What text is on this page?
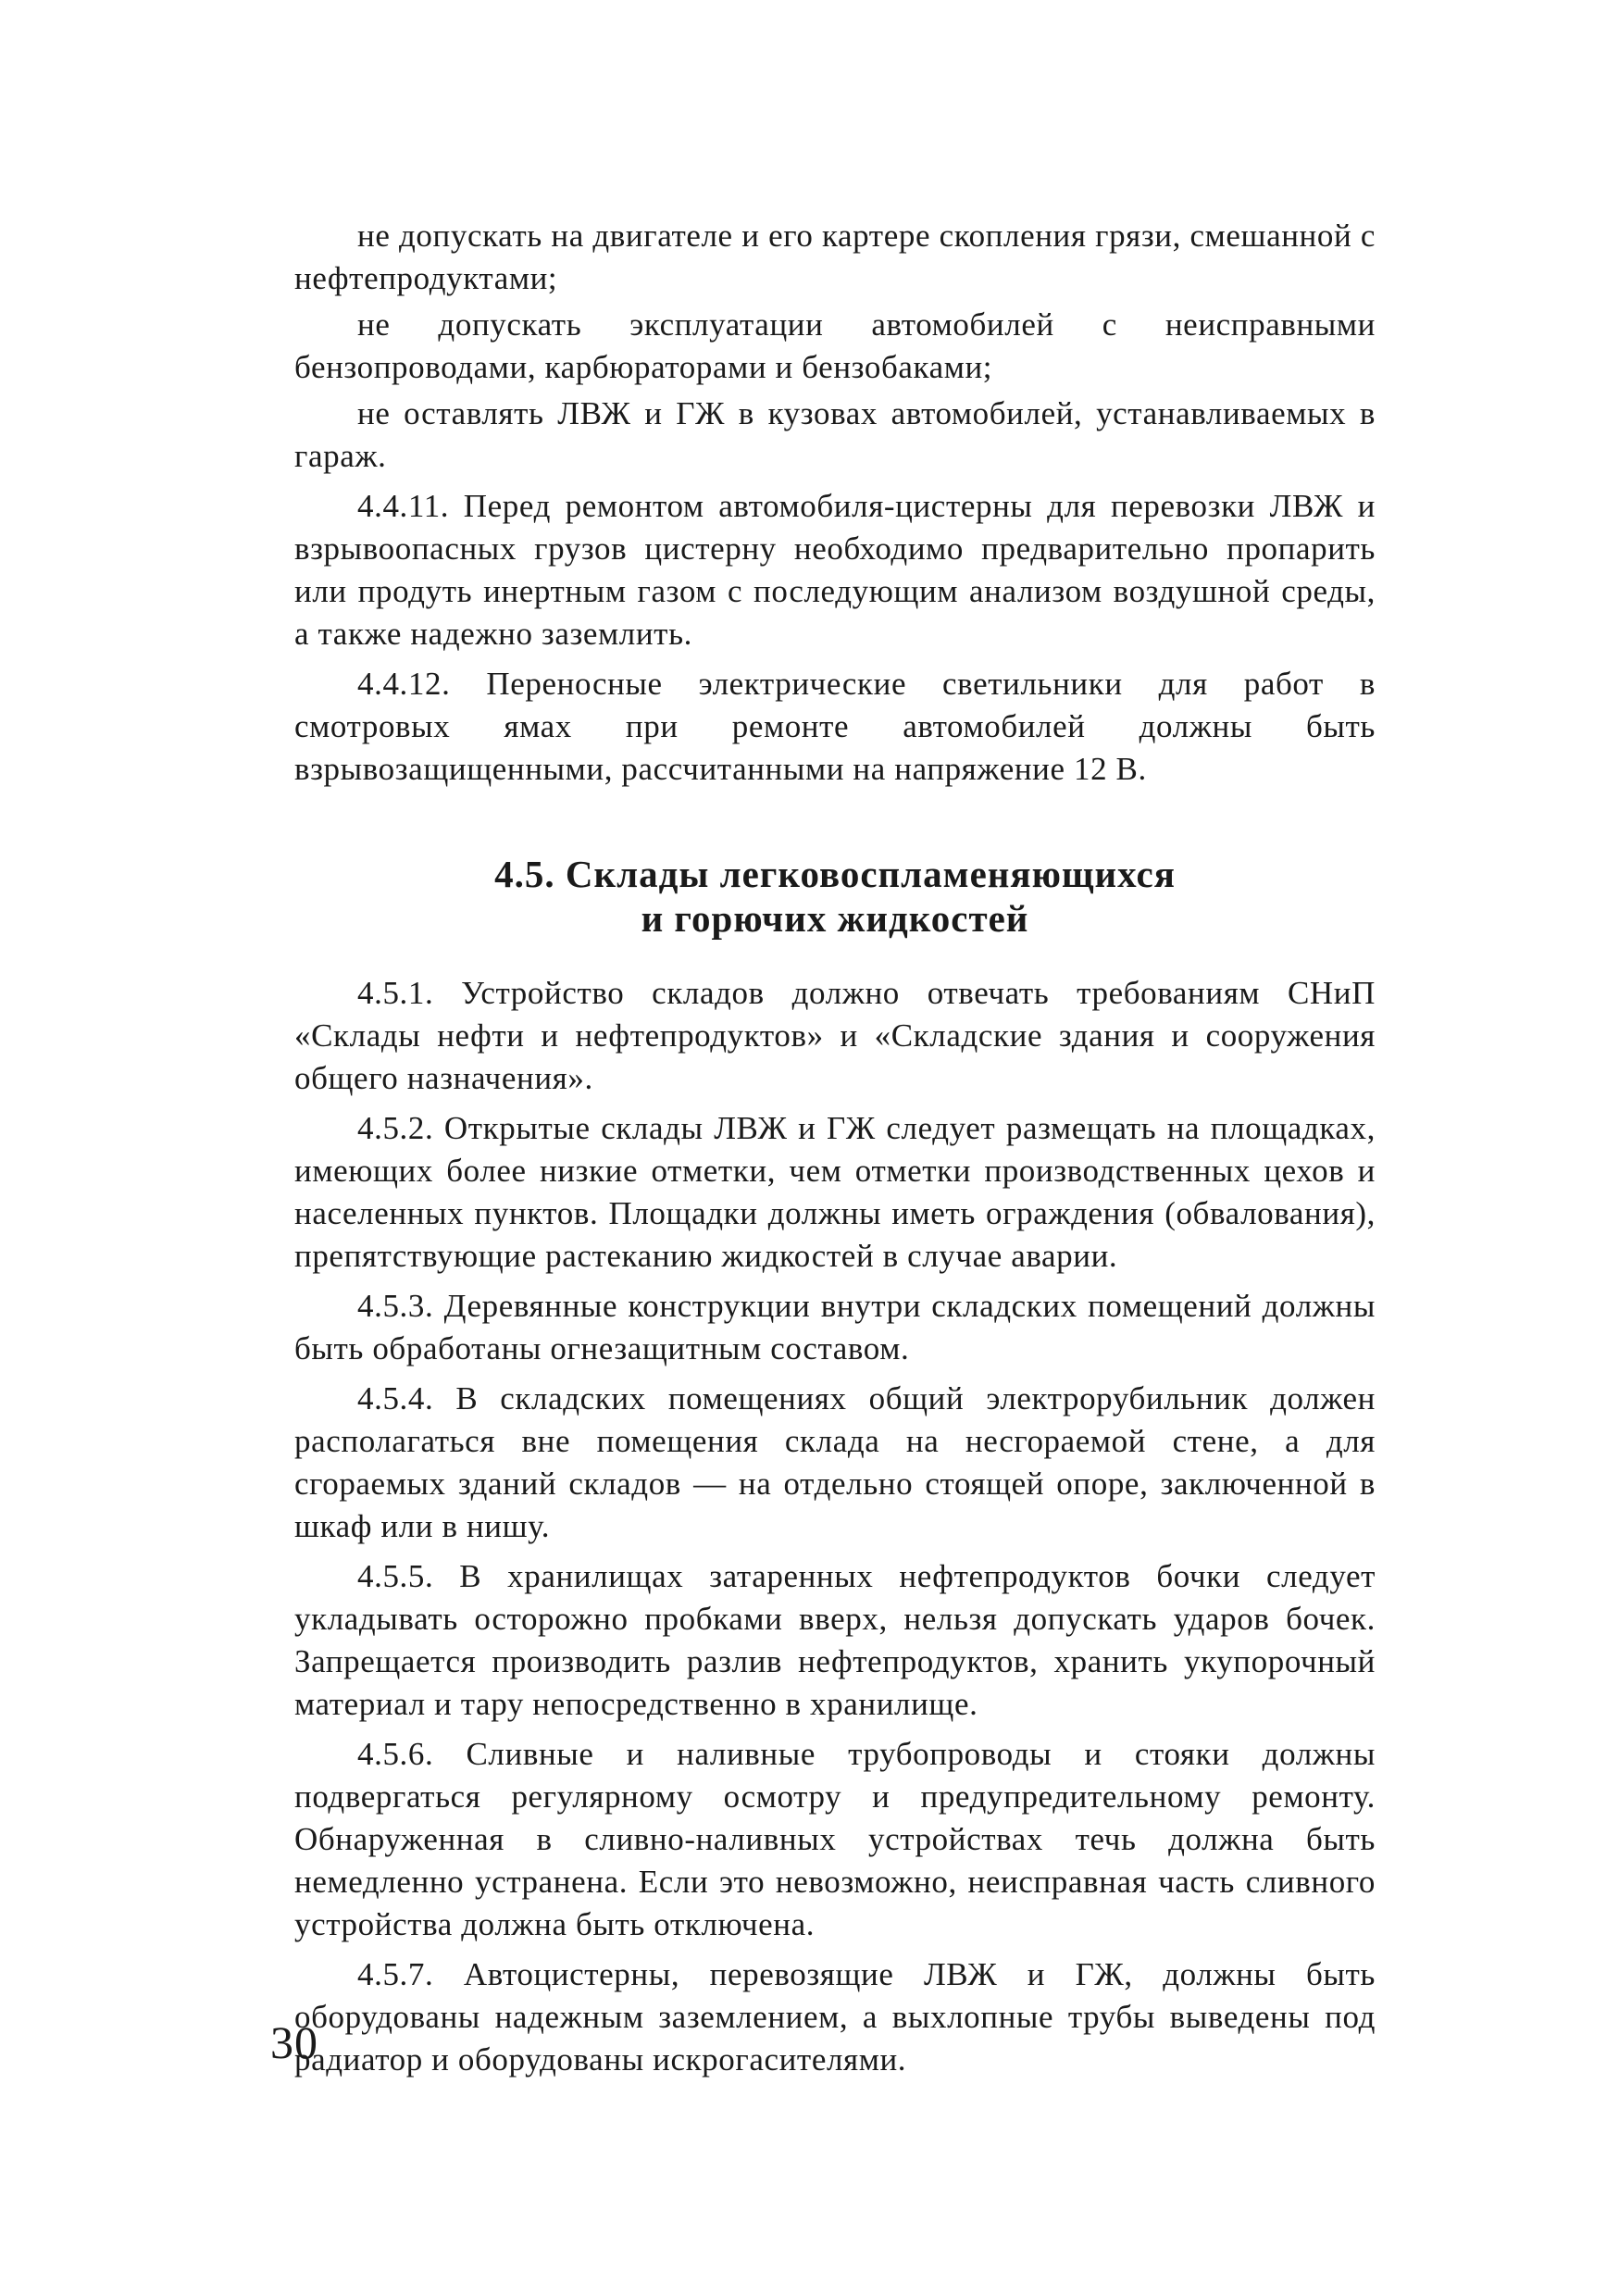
не допускать на двигателе и его картере скопления грязи, смешанной с нефтепродуктами;

не допускать эксплуатации автомобилей с неисправными бензопроводами, карбюраторами и бензобаками;

не оставлять ЛВЖ и ГЖ в кузовах автомобилей, устанавливаемых в гараж.

4.4.11. Перед ремонтом автомобиля-цистерны для перевозки ЛВЖ и взрывоопасных грузов цистерну необходимо предварительно пропарить или продуть инертным газом с последующим анализом воздушной среды, а также надежно заземлить.

4.4.12. Переносные электрические светильники для работ в смотровых ямах при ремонте автомобилей должны быть взрывозащищенными, рассчитанными на напряжение 12 В.

4.5. Склады легковоспламеняющихся
и горючих жидкостей

4.5.1. Устройство складов должно отвечать требованиям СНиП «Склады нефти и нефтепродуктов» и «Складские здания и сооружения общего назначения».

4.5.2. Открытые склады ЛВЖ и ГЖ следует размещать на площадках, имеющих более низкие отметки, чем отметки производственных цехов и населенных пунктов. Площадки должны иметь ограждения (обвалования), препятствующие растеканию жидкостей в случае аварии.

4.5.3. Деревянные конструкции внутри складских помещений должны быть обработаны огнезащитным составом.

4.5.4. В складских помещениях общий электрорубильник должен располагаться вне помещения склада на несгораемой стене, а для сгораемых зданий складов — на отдельно стоящей опоре, заключенной в шкаф или в нишу.

4.5.5. В хранилищах затаренных нефтепродуктов бочки следует укладывать осторожно пробками вверх, нельзя допускать ударов бочек. Запрещается производить разлив нефтепродуктов, хранить укупорочный материал и тару непосредственно в хранилище.

4.5.6. Сливные и наливные трубопроводы и стояки должны подвергаться регулярному осмотру и предупредительному ремонту. Обнаруженная в сливно-наливных устройствах течь должна быть немедленно устранена. Если это невозможно, неисправная часть сливного устройства должна быть отключена.

4.5.7. Автоцистерны, перевозящие ЛВЖ и ГЖ, должны быть оборудованы надежным заземлением, а выхлопные трубы выведены под радиатор и оборудованы искрогасителями.

30
